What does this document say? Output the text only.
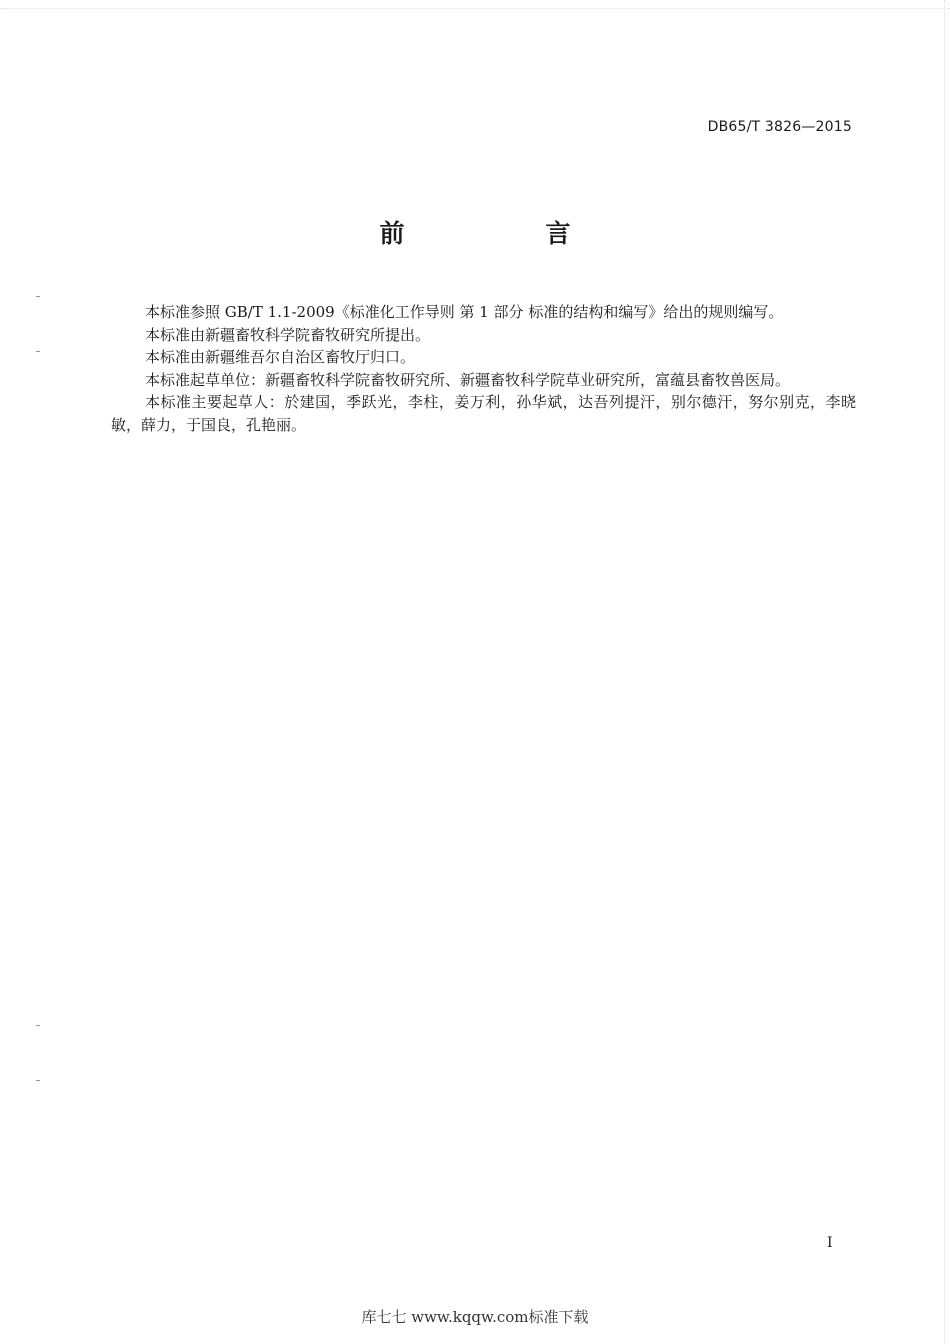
DB65/T 3826—2015
前　言

本标准参照 GB/T 1.1-2009《标准化工作导则 第 1 部分 标准的结构和编写》给出的规则编写。

本标准由新疆畜牧科学院畜牧研究所提出。

本标准由新疆维吾尔自治区畜牧厅归口。

本标准起草单位：新疆畜牧科学院畜牧研究所、新疆畜牧科学院草业研究所，富蕴县畜牧兽医局。

本标准主要起草人：於建国，季跃光，李柱，姜万利，孙华斌，达吾列提汗，别尔德汗，努尔别克，李晓敏，薛力，于国良，孔艳丽。

I
库七七 www.kqqw.com标准下载
